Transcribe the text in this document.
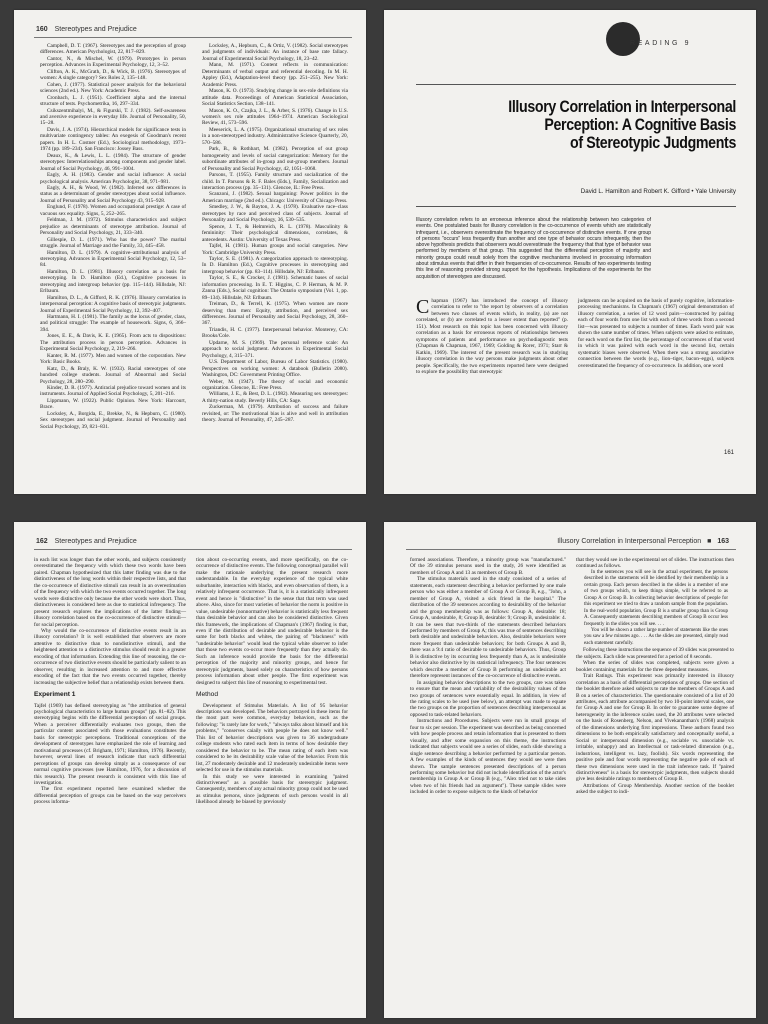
160 Stereotypes and Prejudice

Campbell, D. T. (1967). Stereotypes and the perception of group differences. American Psychologist, 22, 817–829.

Cantor, N., & Mischel, W. (1979). Prototypes in person perception. Advances in Experimental Psychology, 12, 3–52.

Clifton, A. K., McGrath, D., & Wick, B. (1976). Stereotypes of women: A single category? Sex Roles 2, 135–148.

Cohen, J. (1977). Statistical power analysis for the behavioral sciences (2nd ed.). New York: Academic Press.

Cronbach, L. J. (1951). Coefficient alpha and the internal structure of tests. Psychometrika, 16, 297–334.

Csikszentmihalyi, M., & Figurski, T. J. (1982). Self-awareness and aversive experience in everyday life. Journal of Personality, 50, 15–28.

Davis, J. A. (1974). Hierarchical models for significance tests in multivariate contingency tables: An exegesis of Goodman's recent papers. In H. L. Costner (Ed.), Sociological methodology, 1973–1974 (pp. 189–234). San Francisco: Jossey Bass.

Deaux, K., & Lewis, L. L. (1984). The structure of gender stereotypes: Interrelationships among components and gender label. Journal of Social Psychology, 46, 991–1004.

Eagly, A. H. (1983). Gender and social influence: A social psychological analysis. American Psychologist, 38, 971–981.

Eagly, A. H., & Wood, W. (1982). Inferred sex differences in status as a determinant of gender stereotypes about social influence. Journal of Personality and Social Psychology 43, 915–928.

Englund, F. (1978). Women and occupational prestige: A case of vacuous sex equality. Signs, 5, 252–265.

Feldman, J. M. (1972). Stimulus characteristics and subject prejudice as determinants of stereotype attribution. Journal of Personality and Social Psychology, 21, 333–340.

Gillespie, D. L. (1971). Who has the power? The marital struggle. Journal of Marriage and the Family, 33, 445–458.

Hamilton, D. L. (1979). A cognitive–attributional analysis of stereotyping. Advances in Experimental Social Psychology, 12, 53–84.

Hamilton, D. L. (1981). Illusory correlation as a basis for stereotyping. In D. Hamilton (Ed.), Cognitive processes in stereotyping and intergroup behavior (pp. 115–144). Hillsdale, NJ: Erlbaum.

Hamilton, D. L., & Gifford, R. K. (1976). Illusory correlation in interpersonal perception: A cognitive basis of stereotypic judgments. Journal of Experimental Social Psychology, 12, 392–407.

Hartmann, H. I. (1981). The family as the locus of gender, class, and political struggle: The example of housework. Signs, 6, 366–394.

Jones, E. E., & Davis, K. E. (1965). From acts to dispositions: The attribution process in person perception. Advances in Experimental Social Psychology, 2, 219–266.

Kanter, R. M. (1977). Men and women of the corporation. New York: Basic Books.

Katz, D., & Braly, K. W. (1933). Racial stereotypes of one hundred college students. Journal of Abnormal and Social Psychology, 28, 280–290.

Kinder, D. R. (1977). Antiracial prejudice toward women and its instruments. Journal of Applied Social Psychology, 5, 201–216.

Lippmann, W. (1922). Public Opinion. New York: Harcourt, Brace.

Locksley, A., Borgida, E., Brekke, N., & Hepburn, C. (1980). Sex stereotypes and social judgment. Journal of Personality and Social Psychology, 39, 821–831.

Locksley, A., Hepburn, C., & Ortiz, V. (1982). Social stereotypes and judgments of individuals: An instance of base rate fallacy. Journal of Experimental Social Psychology, 18, 23–42.

Mann, M. (1971). Content reflects in communication: Determinants of verbal output and referential decoding. In M. H. Appley (Ed.), Adaptation-level theory (pp. 251–255). New York: Academic Press.

Mason, K. O. (1973). Studying change in sex-role definitions via attitude data. Proceedings of American Statistical Association, Social Statistics Section, 138–141.

Mason, K. O., Czajka, J. L., & Arber, S. (1976). Change in U.S. women's sex role attitudes 1964–1974. American Sociological Review, 41, 573–596.

Meeserick, L. A. (1975). Organizational structuring of sex roles in a non-stereotyped industry. Administrative Science Quarterly, 20, 570–586.

Park, B., & Rothbart, M. (1982). Perception of out group homogeneity and levels of social categorization: Memory for the subordinate attributes of in-group and out-group members. Journal of Personality and Social Psychology, 42, 1051–1068.

Parsons, T. (1955). Family structure and socialization of the child. In T. Parsons & R. F. Bales (Eds.), Family, Socialization and interaction process (pp. 35–131). Glencoe, IL: Free Press.

Scanzoni, J. (1982). Sexual bargaining: Power politics in the American marriage (2nd ed.). Chicago: University of Chicago Press.

Smedley, J. W., & Bayton, J. A. (1978). Evaluative race–class stereotypes by race and perceived class of subjects. Journal of Personality and Social Psychology, 36, 530–535.

Spence, J. T., & Helmreich, R. L. (1978). Masculinity & femininity: Their psychological dimensions, correlates, & antecedents. Austin: University of Texas Press.

Tajfel, H. (1981). Human groups and social categories. New York: Cambridge University Press.

Taylor, S. E. (1981). A categorization approach to stereotyping. In D. Hamilton (Ed.), Cognitive processes in stereotyping and intergroup behavior (pp. 83–114). Hillsdale, NJ: Erlbaum.

Taylor, S. E., & Crocker, J. (1981). Schematic bases of social information processing. In E. T. Higgins, C. P. Herman, & M. P. Zanna (Eds.), Social cognition: The Ontario symposium (Vol. 1, pp. 89–134). Hillsdale, NJ: Erlbaum.

Treiman, D., & Terrell, K. (1975). When women are more deserving than men: Equity, attribution, and perceived sex differences. Journal of Personality and Social Psychology, 28, 360–367.

Triandis, H. C. (1977). Interpersonal behavior. Monterey, CA: Brooks/Cole.

Updarne, M. S. (1969). The personal reference scale: An approach to social judgment. Advances in Experimental Social Psychology, 4, 315–371.

U.S. Department of Labor, Bureau of Labor Statistics. (1980). Perspectives on working women: A databook (Bulletin 2080). Washington, DC: Government Printing Office.

Weber, M. (1947). The theory of social and economic organization. Glencoe, IL: Free Press.

Williams, J. E., & Best, D. L. (1982). Measuring sex stereotypes: A thirty-nation study. Beverly Hills, CA: Sage.

Zuckerman, M. (1979). Attribution of success and failure revisited, or: The motivational bias is alive and well in attribution theory. Journal of Personality, 47, 245–287.

READING 9
Illusory Correlation in Interpersonal
Perception: A Cognitive Basis
of Stereotypic Judgments
David L. Hamilton and Robert K. Gifford • Yale University
Illusory correlation refers to an erroneous inference about the relationship between two categories of events. One postulated basis for illusory correlation is the co-occurrence of events which are statistically infrequent, i.e., observers overestimate the frequency of co-occurrence of distinctive events. If one group of persons "occurs" less frequently than another and one type of behavior occurs infrequently, then the above hypothesis predicts that observers would overestimate the frequency that that type of behavior was performed by members of that group. This suggested that the differential perception of majority and minority groups could result solely from the cognitive mechanisms involved in processing information about stimulus events that differ in their frequencies of co-occurrence. Results of two experiments testing this line of reasoning provided strong support for the hypothesis. Implications of the experiments for the acquisition of stereotypes are discussed.

Chapman (1967) has introduced the concept of illusory correlation to refer to "the report by observers of a correlation between two classes of events which, in reality, (a) are not correlated, or (b) are correlated to a lesser extent than reported" (p. 151). Most research on this topic has been concerned with illusory correlation as a basis for erroneous reports of relationships between symptoms of patients and performance on psychodiagnostic tests (Chapman & Chapman, 1967, 1969; Golding & Rorer, 1971; Starr & Katkin, 1969). The interest of the present research was in studying illusory correlation in the way persons make judgments about other people. Specifically, the two experiments reported here were designed to explore the possibility that stereotypic

judgments can be acquired on the basis of purely cognitive, information-processing mechanisms. In Chapman's (1967) original demonstration of illusory correlation, a series of 12 word pairs—constructed by pairing each of four words from one list with each of three words from a second list—was presented to subjects a number of times. Each word pair was shown the same number of times. When subjects were asked to estimate, for each word on the first list, the percentage of occurrences of that word in which it was paired with each word in the second list, certain systematic biases were observed. When there was a strong associative connection between the words (e.g., lion–tiger, bacon–eggs), subjects overestimated the frequency of co-occurrence. In addition, one word

161
162 Stereotypes and Prejudice

in each list was longer than the other words, and subjects consistently overestimated the frequency with which these two words have been paired. Chapman hypothesized that this latter finding was due to the distinctiveness of the long words within their respective lists, and that the co-occurrence of distinctive stimuli can result in an overestimation of the frequency with which the two events occurred together. The long words were distinctive only because the other words were short. Thus, distinctiveness is considered here as due to statistical infrequency. The present research explores the implications of the latter finding—illusory correlation based on the co-occurrence of distinctive stimuli—for social perception.

Why would the co-occurrence of distinctive events result in an illusory correlation? It is well established that observers are more attentive to distinctive than to nondistinctive stimuli, and the heightened attention to a distinctive stimulus should result in a greater encoding of that information. Extending this line of reasoning, the co-occurrence of two distinctive events should be particularly salient to an observer, resulting in increased attention to and more effective encoding of the fact that the two events occurred together, thereby increasing the subjective belief that a relationship exists between them.

Experiment 1

Tajfel (1969) has defined stereotyping as "the attribution of general psychological characteristics to large human groups" (pp. 81–82). This stereotyping begins with the differential perception of social groups. When a perceiver differentially evaluates two groups, then the particular content associated with those evaluations constitutes the basis for stereotypic perceptions. Traditional conceptions of the development of stereotypes have emphasized the role of learning and motivational processes (cf. Brigham, 1971; Hamilton, 1976). Recently, however, several lines of research indicate that such differential perceptions of groups can develop simply as a consequence of our normal cognitive processes (see Hamilton, 1976, for a discussion of this research). The present research is consistent with this line of investigation.

The first experiment reported here examined whether the differential perception of groups can be based on the way perceivers process informa-

tion about co-occurring events, and more specifically, on the co-occurrence of distinctive events. The following conceptual parallel will make the rationale underlying the present research more understandable. In the everyday experience of the typical white suburbanite, interaction with blacks, and even observation of them, is a relatively infrequent occurrence. That is, it is a statistically infrequent event and hence is "distinctive" in the sense that that term was used above. Also, since for most varieties of behavior the norm is positive in value, undesirable (nonnormative) behavior is statistically less frequent than desirable behavior and can also be considered distinctive. Given this framework, the implications of Chapman's (1967) finding is that, even if the distribution of desirable and undesirable behavior is the same for both blacks and whites, the pairing of "blackness" with "undesirable behavior" would lead the typical white observer to infer that those two events co-occur more frequently than they actually do. Such an inference would provide the basis for the differential perception of the majority and minority groups, and hence for stereotypic judgments, based solely on characteristics of how persons process information about other people. The first experiment was designed to subject this line of reasoning to experimental test.

Method

Development of Stimulus Materials. A list of 95 behavior descriptions was developed. The behaviors portrayed in these items for the most part were common, everyday behaviors, such as the following: "is rarely late for work," "always talks about himself and his problems," "conserves caiaily with people he does not know well." This list of behavior descriptions was given to 36 undergraduate college students who rated each item in terms of how desirable they considered the behavior to be. The mean rating of each item was considered to be its desirability scale value of the behavior. From this list, 27 moderately desirable and 12 moderately undesirable items were selected for use in the stimulus materials.

In this study we were interested in examining "paired distinctiveness" as a possible basis for stereotypic judgment. Consequently, members of any actual minority group could not be used as stimulus persons, since judgments of such persons would in all likelihood already be biased by previously

Illusory Correlation in Interpersonal Perception ■ 163

formed associations. Therefore, a minority group was "manufactured." Of the 39 stimulus persons used in the study, 26 were identified as members of Group A and 13 as members of Group B.

The stimulus materials used in the study consisted of a series of statements, each statement describing a behavior performed by one male person who was either a member of Group A or Group B, e.g., "John, a member of Group A, visited a sick friend in the hospital." The distribution of the 39 sentences according to desirability of the behavior and the group membership was as follows: Group A, desirable: 18; Group A, undesirable, 8; Group B, desirable: 9; Group B, undesirable: 4. It can be seen that two-thirds of the statements described behaviors performed by members of Group A; this was true of sentences describing both desirable and undesirable behaviors. Also, desirable behaviors were more frequent than undesirable behaviors; for both Groups A and B, there was a 9:4 ratio of desirable to undesirable behaviors. Thus, Group B is distinctive by its occurring less frequently than A, as is undesirable behavior also distinctive by its statistical infrequency. The four sentences which describe a member of Group B performing an undesirable act therefore represent instances of the co-occurrence of distinctive events.

In assigning behavior descriptions to the two groups, care was taken to ensure that the mean and variability of the desirability values of the two groups of sentences were essentially equal. In addition, in view of the rating scales to be used (see below), an attempt was made to equate the two groups on the proportion of sentences describing interpersonal as opposed to task-related behaviors.

Instructions and Procedures. Subjects were run in small groups of four to six per session. The experiment was described as being concerned with how people process and retain information that is presented to them visually, and after some expansion on this theme, the instructions indicated that subjects would see a series of slides, each slide showing a single sentence describing a behavior performed by a particular person. A few examples of the kinds of sentences they would see were then shown. The sample sentences presented descriptions of a person performing some behavior but did not include identification of the actor's membership in Group A or Group B (e.g., "Alex tried not to take sides when two of his friends had an argument"). These sample slides were included in order to expose subjects to the kinds of behavior

that they would see in the experimental set of slides. The instructions then continued as follows.

In the sentences you will see in the actual experiment, the persons described in the statements will be identified by their membership in a certain group. Each person described in the slides is a member of one of two groups which, to keep things simple, will be referred to as Group A or Group B. In collecting behavior descriptions of people for this experiment we tried to draw a random sample from the population. In the real-world population, Group B is a smaller group than is Group A. Consequently statements describing members of Group B occur less frequently in the slides you will see. . . .

You will be shown a rather large number of statements like the ones you saw a few minutes ago. . . . As the slides are presented, simply read each statement carefully.

Following these instructions the sequence of 39 slides was presented to the subjects. Each slide was presented for a period of 8 seconds.

When the series of slides was completed, subjects were given a booklet containing materials for the three dependent measures.

Trait Ratings. This experiment was primarily interested in illusory correlation as a basis of differential perceptions of groups. One section of the booklet therefore asked subjects to rate the members of Groups A and B on a series of characteristics. The questionnaire consisted of a list of 20 attributes, each attribute accompanied by two 10-point interval scales, one for Group A and one for Group B. In order to guarantee some degree of heterogeneity in the inference scales used, the 20 attributes were selected on the basis of Rosenberg, Nelson, and Vivekananthan's (1968) analysis of the dimensions underlying first impressions. These authors found two dimensions to be both empirically satisfactory and conceptually useful, a Social or interpersonal dimension (e.g., sociable vs. unsociable vs. irritable, unhappy) and an Intellectual or task-related dimension (e.g., industrious, intelligent vs. lazy, foolish). Six words representing the positive pole and four words representing the negative pole of each of these two dimensions were used in the trait inference task. If "paired distinctiveness" is a basis for stereotypic judgments, then subjects should give less desirable ratings to members of Group B.

Attributions of Group Membership. Another section of the booklet asked the subject to indi-
